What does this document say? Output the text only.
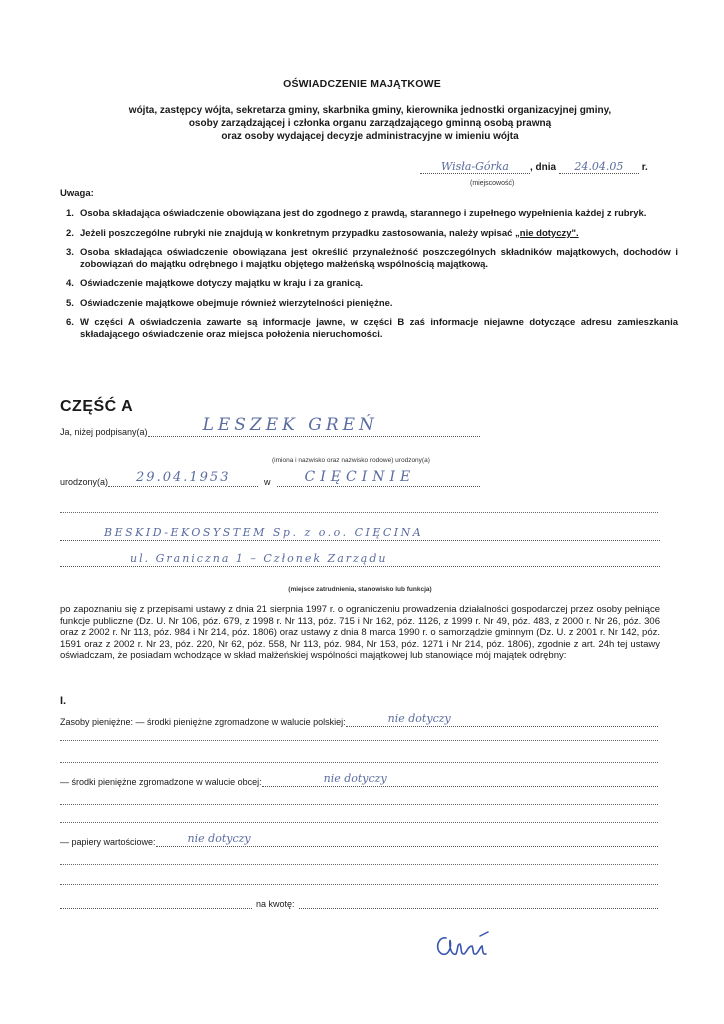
OŚWIADCZENIE MAJĄTKOWE
wójta, zastępcy wójta, sekretarza gminy, skarbnika gminy, kierownika jednostki organizacyjnej gminy,
osoby zarządzającej i członka organu zarządzającego gminną osobą prawną
oraz osoby wydającej decyzje administracyjne w imieniu wójta
Wisła-Górka , dnia 24.04.05 r.
(miejscowość)
Uwaga:
1. Osoba składająca oświadczenie obowiązana jest do zgodnego z prawdą, starannego i zupełnego wypełnienia każdej z rubryk.
2. Jeżeli poszczególne rubryki nie znajdują w konkretnym przypadku zastosowania, należy wpisać „nie dotyczy".
3. Osoba składająca oświadczenie obowiązana jest określić przynależność poszczególnych składników majątkowych, dochodów i zobowiązań do majątku odrębnego i majątku objętego małżeńską wspólnością majątkową.
4. Oświadczenie majątkowe dotyczy majątku w kraju i za granicą.
5. Oświadczenie majątkowe obejmuje również wierzytelności pieniężne.
6. W części A oświadczenia zawarte są informacje jawne, w części B zaś informacje niejawne dotyczące adresu zamieszkania składającego oświadczenie oraz miejsca położenia nieruchomości.
CZĘŚĆ A
Ja, niżej podpisany(a)	LESZEK GREŃ
(imiona i nazwisko oraz nazwisko rodowe) urodzony(a)
urodzony(a) 29.04.1953	w	CIĘCINIE
BESKID-EKOSYSTEM Sp. z o.o. CIĘCINA
ul. Graniczna 1 – Członek Zarządu
(miejsce zatrudnienia, stanowisko lub funkcja)
po zapoznaniu się z przepisami ustawy z dnia 21 sierpnia 1997 r. o ograniczeniu prowadzenia działalności gospodarczej przez osoby pełniące funkcje publiczne (Dz. U. Nr 106, póz. 679, z 1998 r. Nr 113, póz. 715 i Nr 162, póz. 1126, z 1999 r. Nr 49, póz. 483, z 2000 r. Nr 26, póz. 306 oraz z 2002 r. Nr 113, póz. 984 i Nr 214, póz. 1806) oraz ustawy z dnia 8 marca 1990 r. o samorządzie gminnym (Dz. U. z 2001 r. Nr 142, póz. 1591 oraz z 2002 r. Nr 23, póz. 220, Nr 62, póz. 558, Nr 113, póz. 984, Nr 153, póz. 1271 i Nr 214, póz. 1806), zgodnie z art. 24h tej ustawy oświadczam, że posiadam wchodzące w skład małżeńskiej wspólności majątkowej lub stanowiące mój majątek odrębny:
I.
Zasoby pieniężne: — środki pieniężne zgromadzone w walucie polskiej:	nie dotyczy
— środki pieniężne zgromadzone w walucie obcej:	nie dotyczy
— papiery wartościowe:	nie dotyczy
na kwotę:
